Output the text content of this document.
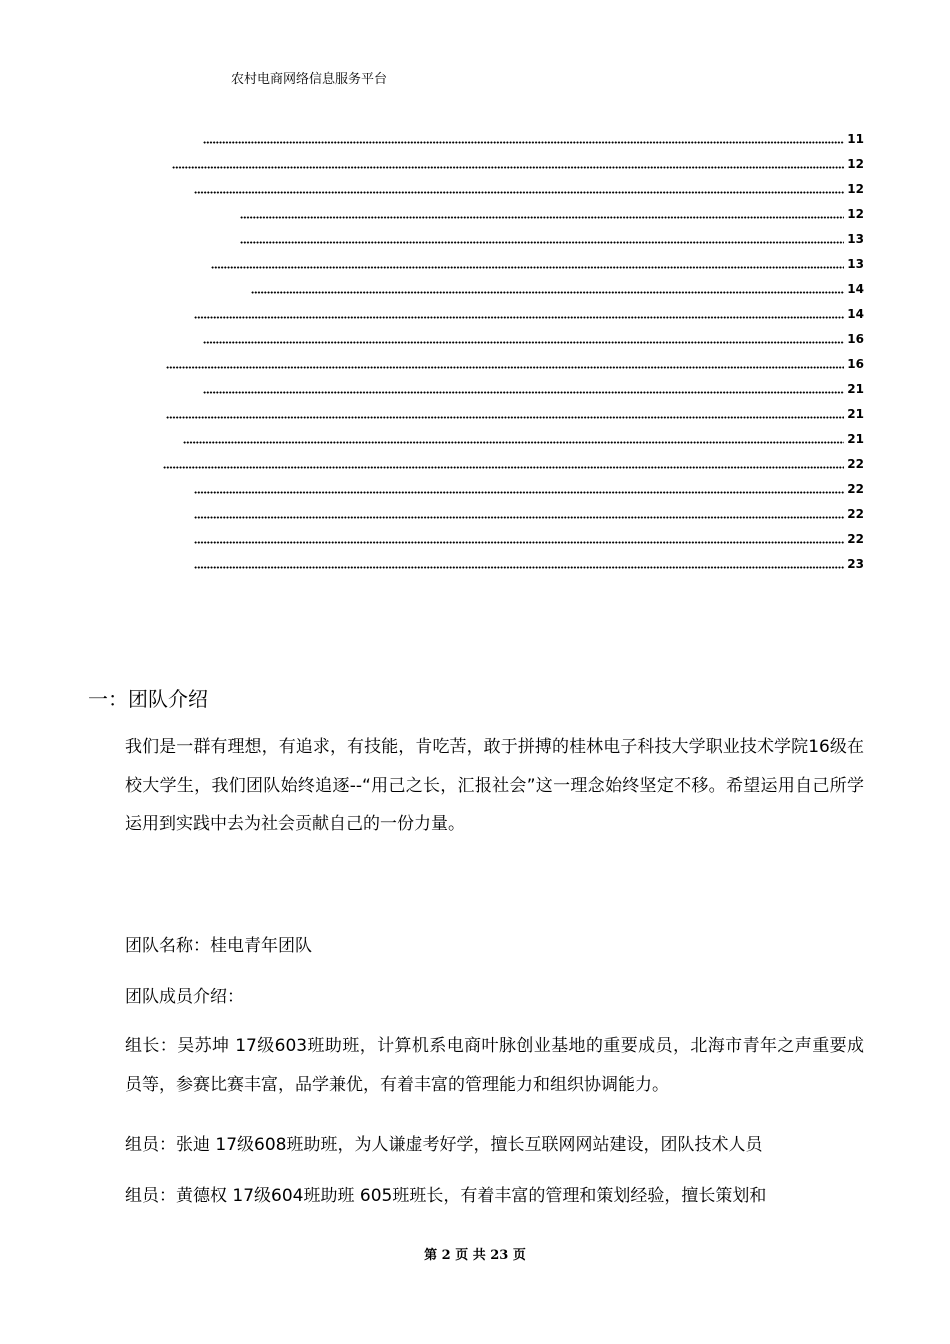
农村电商网络信息服务平台
11
12
12
12
13
13
14
14
16
16
21
21
21
22
22
22
22
23
一：团队介绍
我们是一群有理想，有追求，有技能，肯吃苦，敢于拼搏的桂林电子科技大学职业技术学院16级在校大学生，我们团队始终追逐--“用己之长，汇报社会”这一理念始终坚定不移。希望运用自己所学运用到实践中去为社会贡献自己的一份力量。
团队名称：桂电青年团队
团队成员介绍：
组长：吴苏坤 17级603班助班，计算机系电商叶脉创业基地的重要成员，北海市青年之声重要成员等，参赛比赛丰富，品学兼优，有着丰富的管理能力和组织协调能力。
组员：张迪 17级608班助班，为人谦虚考好学，擅长互联网网站建设，团队技术人员
组员：黄德权 17级604班助班 605班班长，有着丰富的管理和策划经验，擅长策划和
第 2 页 共 23 页
